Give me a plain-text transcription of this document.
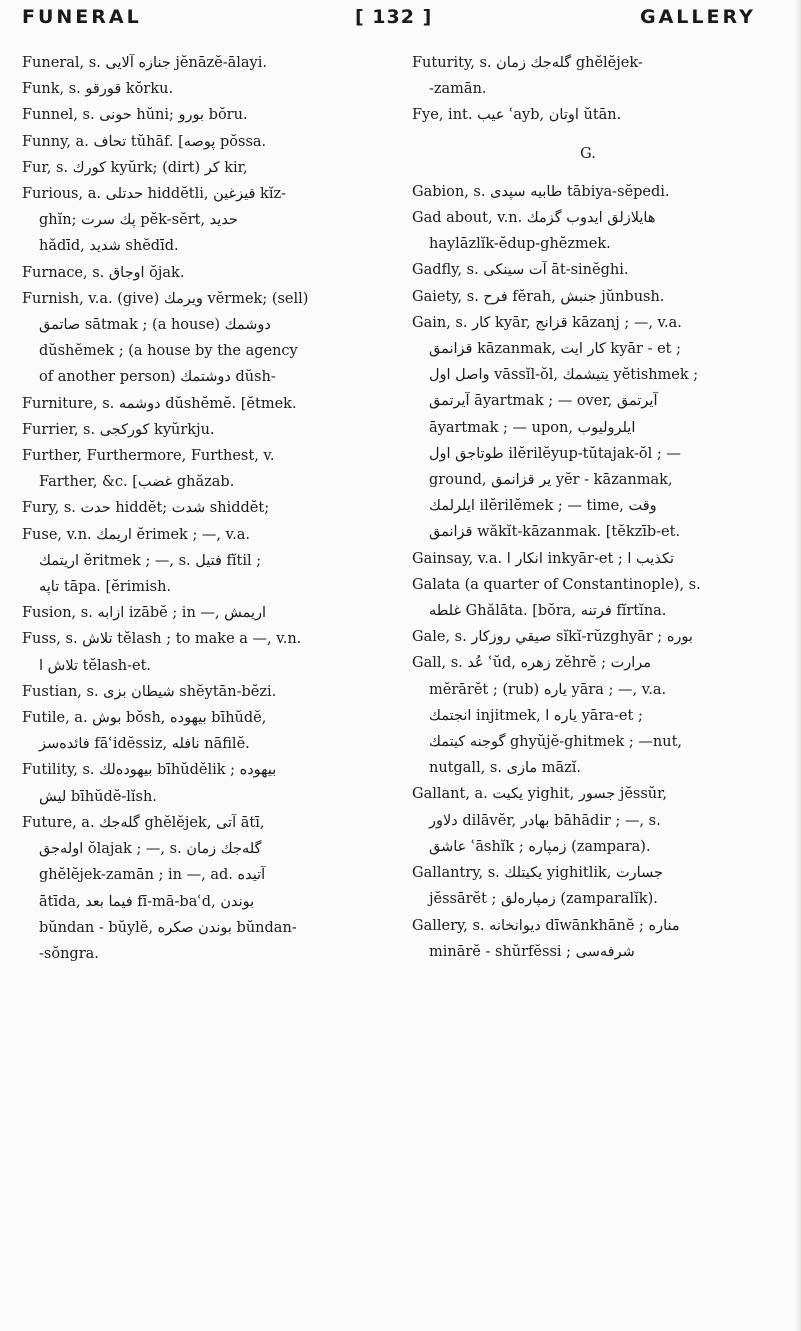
FUNERAL	[ 132 ]	GALLERY

Funeral, s. جنازه آلايى jĕnāzĕ-ālayi.

Funk, s. قورقو kŏrku.

Funnel, s. حونى hŭni; بورو bŏru.

Funny, a. تحاف tŭhāf. [پوصه pŏssa.

Fur, s. كورك kyŭrk; (dirt) كر kir,

Furious, a. حدتلى hiddĕtli, قيزغين kĭz-

ghĭn; پك سرت pĕk-sĕrt, حديد

hădīd, شديد shĕdīd.

Furnace, s. اوجاق ŏjak.

Furnish, v.a. (give) ويرمك vĕrmek; (sell)

صاتمق sātmak ; (a house) دوشمك

dŭshĕmek ; (a house by the agency

of another person) دوشتمك dŭsh-

Furniture, s. دوشمه dŭshĕmĕ. [ĕtmek.

Furrier, s. كوركجى kyŭrkju.

Further, Furthermore, Furthest, v.

Farther, &c. [غضب ghăzab.

Fury, s. حدت hiddĕt; شدت shiddĕt;

Fuse, v.n. اريمك ĕrimek ; —, v.a.

اريتمك ĕritmek ; —, s. فتيل fĭtil ;

تاپه tāpa. [ĕrimish.

Fusion, s. ازابه izābĕ ; in —, اريمش

Fuss, s. تلاش tĕlash ; to make a —, v.n.

تلاش ا tĕlash-et.

Fustian, s. شيطان بزى shĕytān-bĕzi.

Futile, a. بوش bŏsh, بيهوده bīhŭdĕ,

فائده‌سز fāʿidĕssiz, نافله nāfilĕ.

Futility, s. بيهودەلك bīhŭdĕlik ; بيهوده

ليش bīhŭdĕ-lĭsh.

Future, a. گله‌جك ghĕlĕjek, آتى ātī,

اوله‌جق ŏlajak ; —, s. گله‌جك زمان

ghĕlĕjek-zamān ; in —, ad. آتيده

ātīda, فيما بعد fī-mā-baʿd, بوندن

bŭndan - bŭylĕ, بوندن صكره bŭndan-

-sŏngra.

Futurity, s. گله‌جك زمان ghĕlĕjek-

-zamān.

Fye, int. عيب ʿayb, اوتان ŭtān.

G.

Gabion, s. طابيه سپدى tābiya-sĕpedi.

Gad about, v.n. هايلازلق ايدوب گزمك

haylāzlĭk-ĕdup-ghĕzmek.

Gadfly, s. آت سينكى āt-sinĕghi.

Gaiety, s. فرح fĕrah, جنبش jŭnbush.

Gain, s. كار kyār, قزانج kāzanj ; —, v.a.

قزانمق kāzanmak, كار ايت kyār - et ;

واصل اول vāssĭl-ŏl, يتيشمك yĕtishmek ;

آيرتمق āyartmak ; — over, آيرتمق

āyartmak ; — upon, ايلروليوب

طوتاجق اول ilĕrilĕyup-tŭtajak-ŏl ; —

ground, ير قزانمق yĕr - kāzanmak,

ايلرلمك ilĕrilĕmek ; — time, وقت

قزانمق wăkĭt-kāzanmak. [tĕkzīb-et.

Gainsay, v.a. انكار ا inkyār-et ; تكذيب ا

Galata (a quarter of Constantinople), s.

غلطه Ghălāta. [bŏra, فرتنه fĭrtĭna.

Gale, s. صيقي روزكار sĭkĭ-rŭzghyār ; بوره

Gall, s. عُد ʿŭd, زهره zĕhrĕ ; مرارت

mĕrārĕt ; (rub) ياره yāra ; —, v.a.

انجتمك injitmek, ياره ا yāra-et ;

گوجنه كيتمك ghyŭjĕ-ghitmek ; —nut,

nutgall, s. مازى māzĭ.

Gallant, a. يكيت yighit, جسور jĕssŭr,

دلاور dilāvĕr, بهادر bāhādir ; —, s.

عاشق ʿāshĭk ; زمپاره (zampara).

Gallantry, s. يكيتلك yighitlik, جسارت

jĕssārĕt ; زمپاره‌لق (zamparalĭk).

Gallery, s. ديوانخانه dīwānkhānĕ ; مناره

minārĕ - shŭrfĕssi ; شرفه‌سى
